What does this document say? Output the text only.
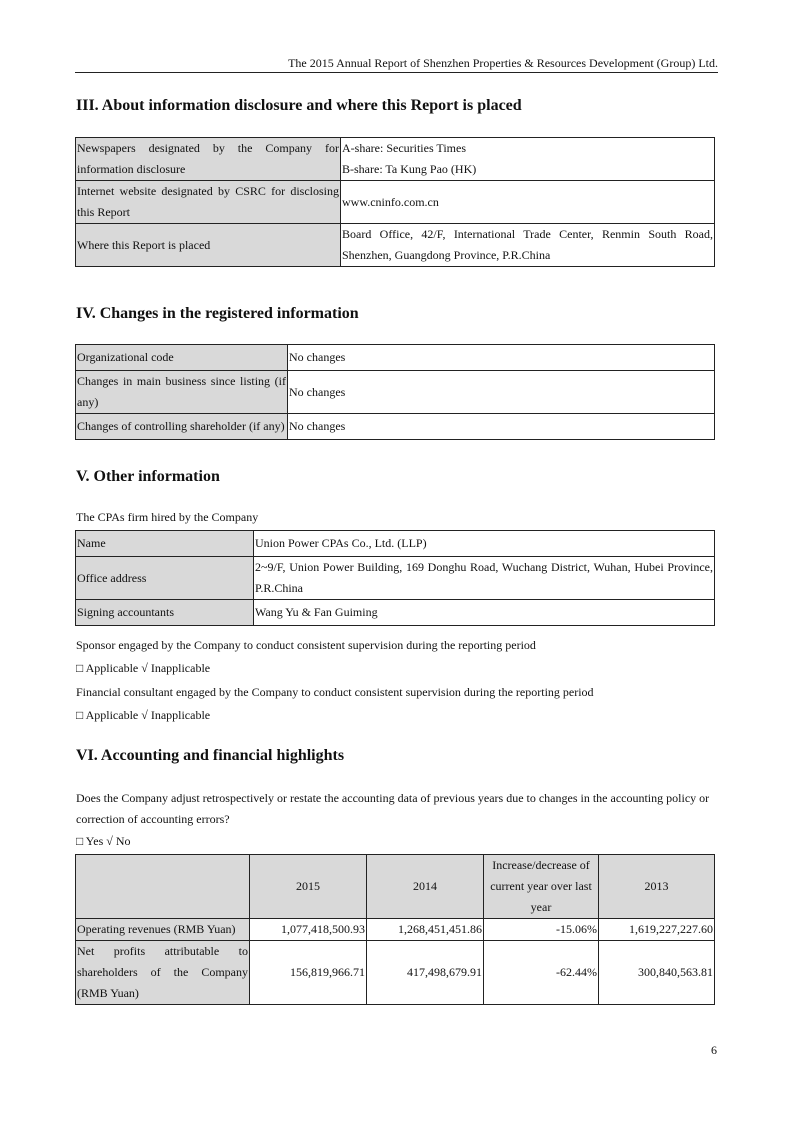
The 2015 Annual Report of Shenzhen Properties & Resources Development (Group) Ltd.
III. About information disclosure and where this Report is placed
Newspapers designated by the Company for information disclosure	A-share: Securities Times
B-share: Ta Kung Pao (HK)

Internet website designated by CSRC for disclosing this Report	www.cninfo.com.cn
Where this Report is placed	Board Office, 42/F, International Trade Center, Renmin South Road, Shenzhen, Guangdong Province, P.R.China
IV. Changes in the registered information
Organizational code	No changes
Changes in main business since listing (if any)	No changes
Changes of controlling shareholder (if any)	No changes
V. Other information
The CPAs firm hired by the Company
Name	Union Power CPAs Co., Ltd. (LLP)
Office address	2~9/F, Union Power Building, 169 Donghu Road, Wuchang District, Wuhan, Hubei Province, P.R.China
Signing accountants	Wang Yu & Fan Guiming
Sponsor engaged by the Company to conduct consistent supervision during the reporting period
□ Applicable √ Inapplicable
Financial consultant engaged by the Company to conduct consistent supervision during the reporting period
□ Applicable √ Inapplicable
VI. Accounting and financial highlights
Does the Company adjust retrospectively or restate the accounting data of previous years due to changes in the accounting policy or
correction of accounting errors?
□ Yes √ No
	2015	2014	Increase/decrease of current year over last year	2013
Operating revenues (RMB Yuan)	1,077,418,500.93	1,268,451,451.86	-15.06%	1,619,227,227.60
Net profits attributable to shareholders of the Company (RMB Yuan)	156,819,966.71	417,498,679.91	-62.44%	300,840,563.81
6
